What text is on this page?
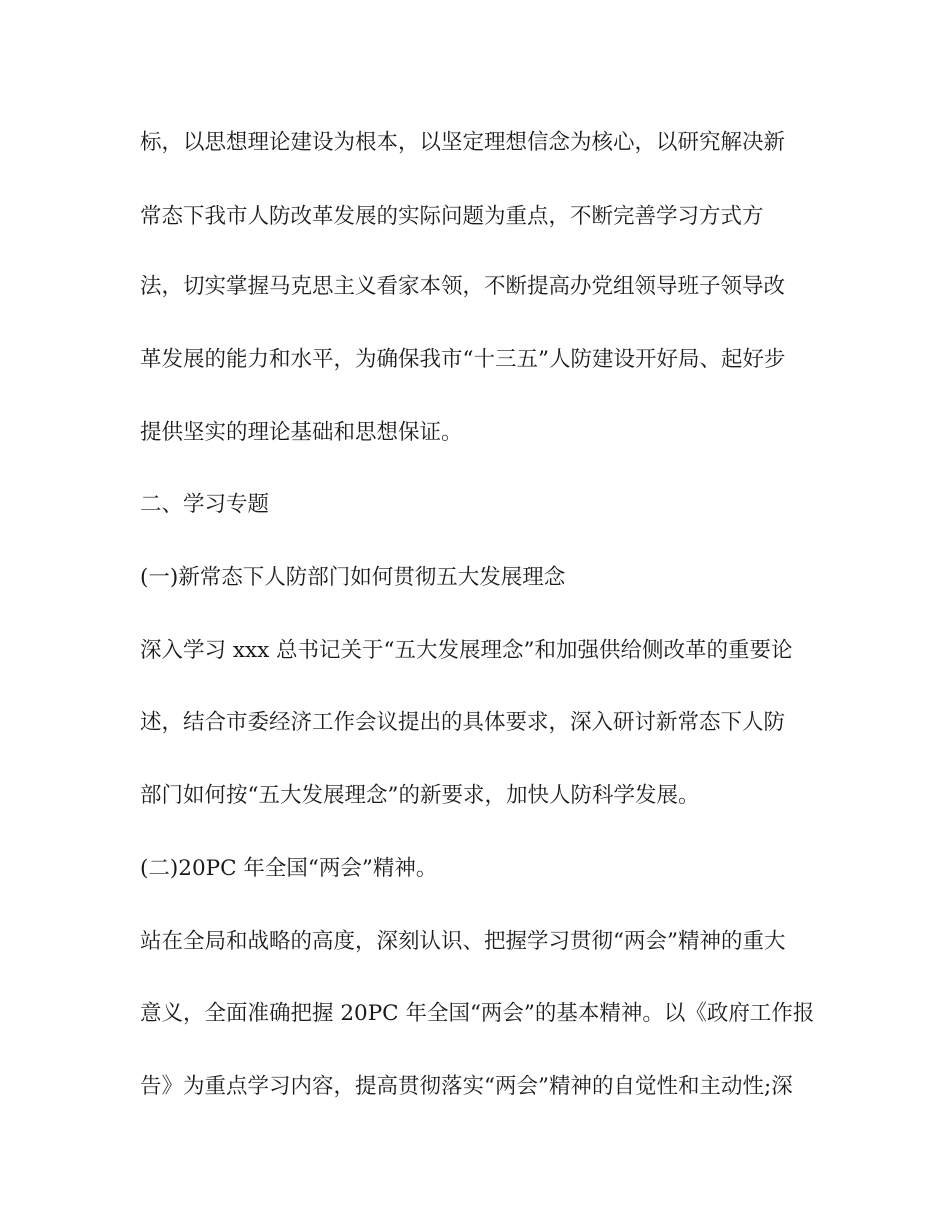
标，以思想理论建设为根本，以坚定理想信念为核心，以研究解决新

常态下我市人防改革发展的实际问题为重点，不断完善学习方式方

法，切实掌握马克思主义看家本领，不断提高办党组领导班子领导改

革发展的能力和水平，为确保我市“十三五”人防建设开好局、起好步

提供坚实的理论基础和思想保证。

二、学习专题

(一)新常态下人防部门如何贯彻五大发展理念

深入学习 xxx 总书记关于“五大发展理念”和加强供给侧改革的重要论

述，结合市委经济工作会议提出的具体要求，深入研讨新常态下人防

部门如何按“五大发展理念”的新要求，加快人防科学发展。

(二)20PC 年全国“两会”精神。

站在全局和战略的高度，深刻认识、把握学习贯彻“两会”精神的重大

意义，全面准确把握 20PC 年全国“两会”的基本精神。以《政府工作报

告》为重点学习内容，提高贯彻落实“两会”精神的自觉性和主动性;深
